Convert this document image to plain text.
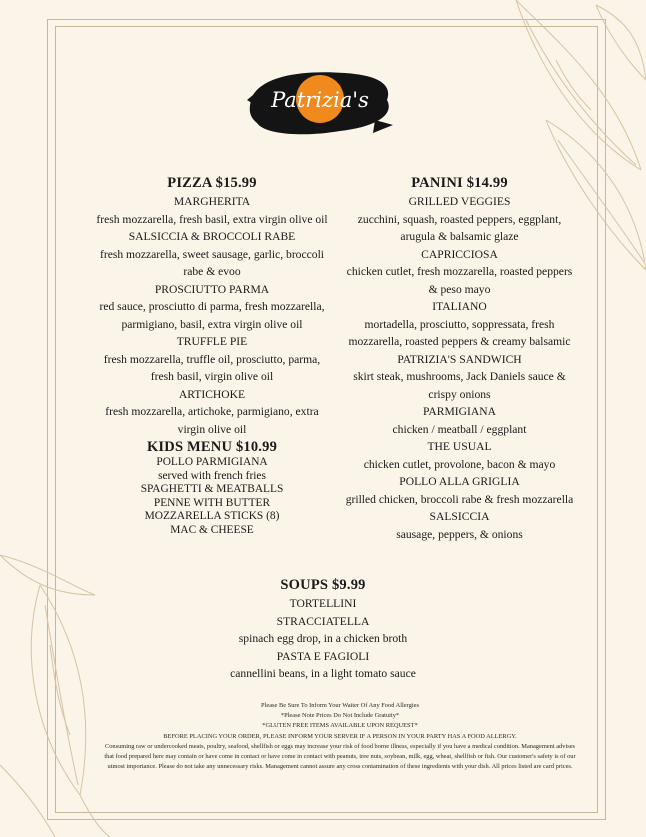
Patrizia's
PIZZA $15.99
MARGHERITA
fresh mozzarella, fresh basil, extra virgin olive oil
SALSICCIA & BROCCOLI RABE
fresh mozzarella, sweet sausage, garlic, broccoli rabe & evoo
PROSCIUTTO PARMA
red sauce, prosciutto di parma, fresh mozzarella, parmigiano, basil, extra virgin olive oil
TRUFFLE PIE
fresh mozzarella, truffle oil, prosciutto, parma, fresh basil, virgin olive oil
ARTICHOKE
fresh mozzarella, artichoke, parmigiano, extra virgin olive oil
KIDS MENU $10.99
POLLO PARMIGIANA
served with french fries
SPAGHETTI & MEATBALLS
PENNE WITH BUTTER
MOZZARELLA STICKS (8)
MAC & CHEESE
PANINI $14.99
GRILLED VEGGIES
zucchini, squash, roasted peppers, eggplant, arugula & balsamic glaze
CAPRICCIOSA
chicken cutlet, fresh mozzarella, roasted peppers & peso mayo
ITALIANO
mortadella, prosciutto, soppressata, fresh mozzarella, roasted peppers & creamy balsamic
PATRIZIA'S SANDWICH
skirt steak, mushrooms, Jack Daniels sauce & crispy onions
PARMIGIANA
chicken / meatball / eggplant
THE USUAL
chicken cutlet, provolone, bacon & mayo
POLLO ALLA GRIGLIA
grilled chicken, broccoli rabe & fresh mozzarella
SALSICCIA
sausage, peppers, & onions
SOUPS $9.99
TORTELLINI
STRACCIATELLA
spinach egg drop, in a chicken broth
PASTA E FAGIOLI
cannellini beans, in a light tomato sauce
Please Be Sure To Inform Your Waiter Of Any Food Allergies
*Please Note Prices Do Not Include Gratuity*
*GLUTEN FREE ITEMS AVAILABLE UPON REQUEST*
BEFORE PLACING YOUR ORDER, PLEASE INFORM YOUR SERVER IF A PERSON IN YOUR PARTY HAS A FOOD ALLERGY.
Consuming raw or undercooked meats, poultry, seafood, shellfish or eggs may increase your risk of food borne illness, especially if you have a medical condition. Management advises that food prepared here may contain or have come in contact or have come in contact with peanuts, tree nuts, soybean, milk, egg, wheat, shellfish or fish. Our customer's safety is of our utmost importance. Please do not take any unnecessary risks. Management cannot assure any cross contamination of these ingredients with your dish. All prices listed are card prices.
